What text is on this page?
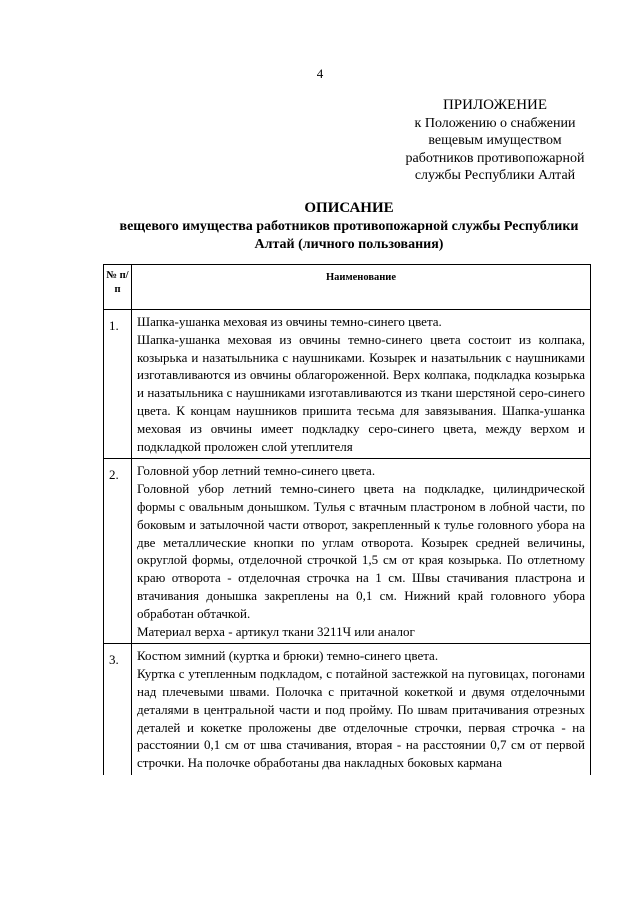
4
ПРИЛОЖЕНИЕ
к Положению о снабжении
вещевым имуществом
работников противопожарной
службы Республики Алтай
ОПИСАНИЕ
вещевого имущества работников противопожарной службы Республики Алтай (личного пользования)
№ п/п	Наименование
1.	Шапка-ушанка меховая из овчины темно-синего цвета.
Шапка-ушанка меховая из овчины темно-синего цвета состоит из колпака, козырька и назатыльника с наушниками. Козырек и назатыльник с наушниками изготавливаются из овчины облагороженной. Верх колпака, подкладка козырька и назатыльника с наушниками изготавливаются из ткани шерстяной серо-синего цвета. К концам наушников пришита тесьма для завязывания. Шапка-ушанка меховая из овчины имеет подкладку серо-синего цвета, между верхом и подкладкой проложен слой утеплителя

2.	Головной убор летний темно-синего цвета.
Головной убор летний темно-синего цвета на подкладке, цилиндрической формы с овальным донышком. Тулья с втачным пластроном в лобной части, по боковым и затылочной части отворот, закрепленный к тулье головного убора на две металлические кнопки по углам отворота. Козырек средней величины, округлой формы, отделочной строчкой 1,5 см от края козырька. По отлетному краю отворота - отделочная строчка на 1 см. Швы стачивания пластрона и втачивания донышка закреплены на 0,1 см. Нижний край головного убора обработан обтачкой.
Материал верха - артикул ткани 3211Ч или аналог

3.	Костюм зимний (куртка и брюки) темно-синего цвета.
Куртка с утепленным подкладом, с потайной застежкой на пуговицах, погонами над плечевыми швами. Полочка с притачной кокеткой и двумя отделочными деталями в центральной части и под пройму. По швам притачивания отрезных деталей и кокетке проложены две отделочные строчки, первая строчка - на расстоянии 0,1 см от шва стачивания, вторая - на расстоянии 0,7 см от первой строчки. На полочке обработаны два накладных боковых кармана
